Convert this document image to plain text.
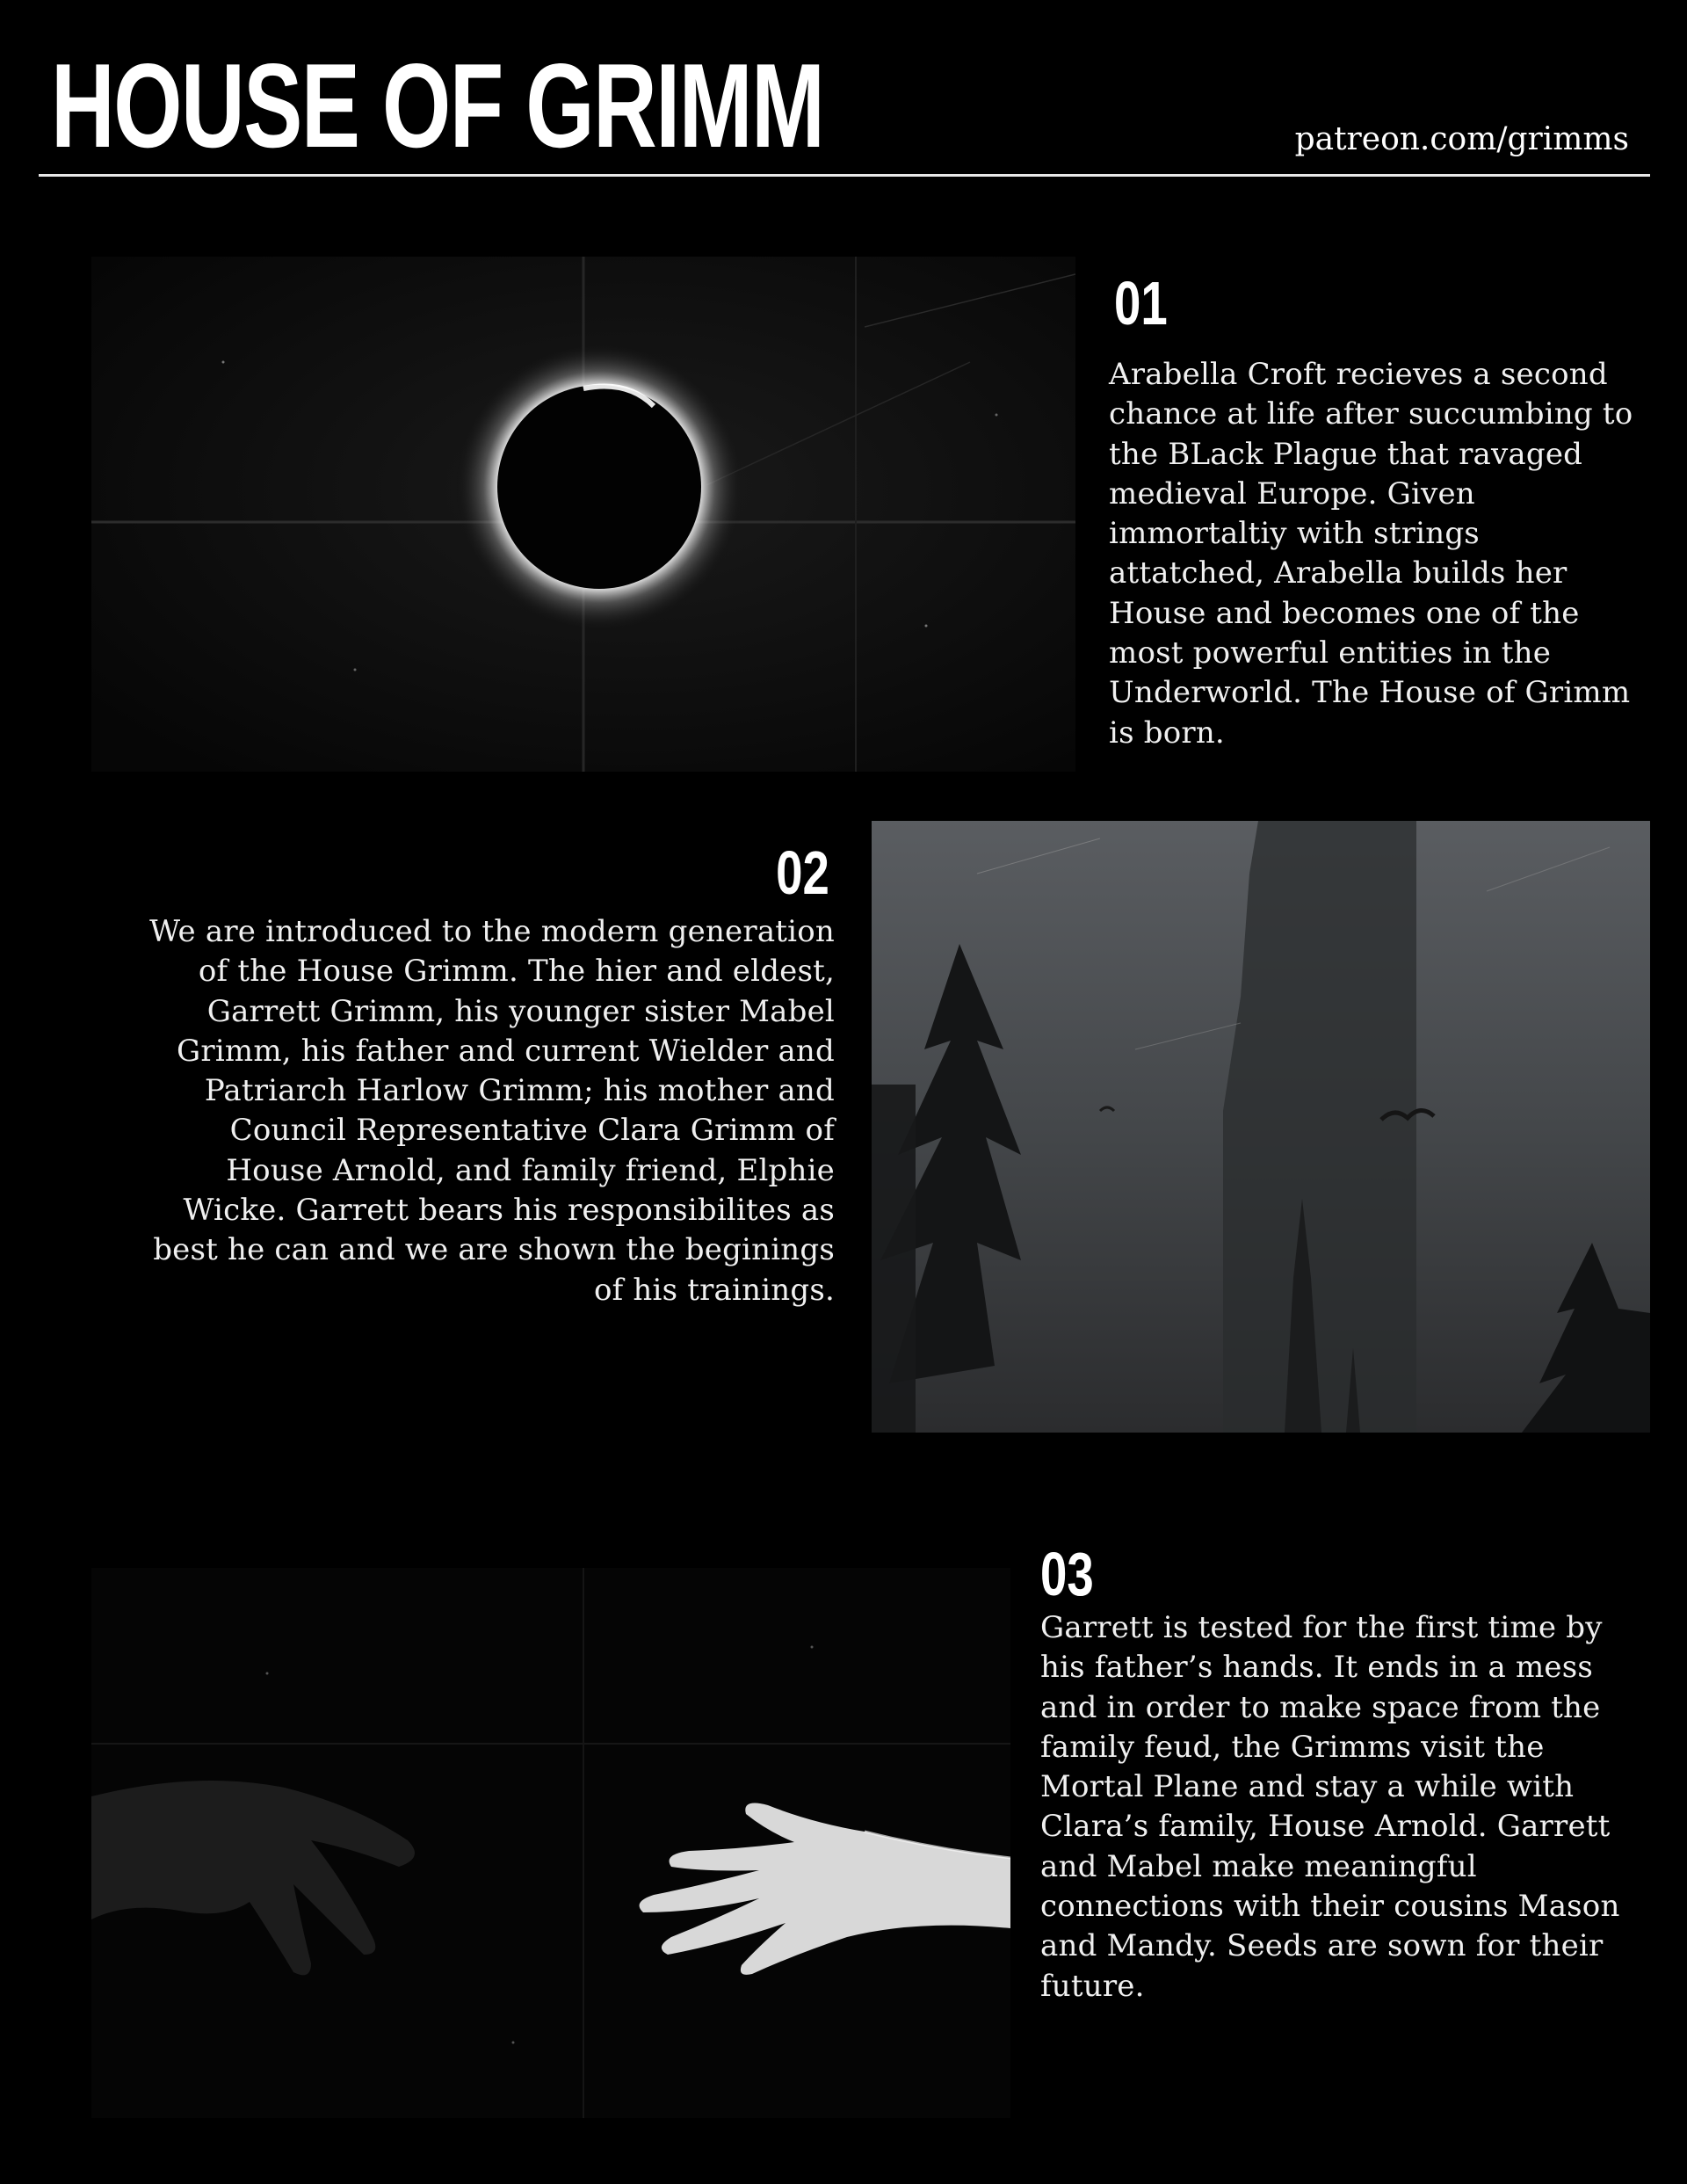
HOUSE OF GRIMM	patreon.com/grimms
01
Arabella Croft recieves a second
chance at life after succumbing to
the BLack Plague that ravaged
medieval Europe. Given
immortaltiy with strings
attatched, Arabella builds her
House and becomes one of the
most powerful entities in the
Underworld. The House of Grimm
is born.
02
We are introduced to the modern generation
of the House Grimm. The hier and eldest,
Garrett Grimm, his younger sister Mabel
Grimm, his father and current Wielder and
Patriarch Harlow Grimm; his mother and
Council Representative Clara Grimm of
House Arnold, and family friend, Elphie
Wicke. Garrett bears his responsibilites as
best he can and we are shown the beginings
of his trainings.
03
Garrett is tested for the first time by
his father’s hands. It ends in a mess
and in order to make space from the
family feud, the Grimms visit the
Mortal Plane and stay a while with
Clara’s family, House Arnold. Garrett
and Mabel make meaningful
connections with their cousins Mason
and Mandy. Seeds are sown for their
future.
